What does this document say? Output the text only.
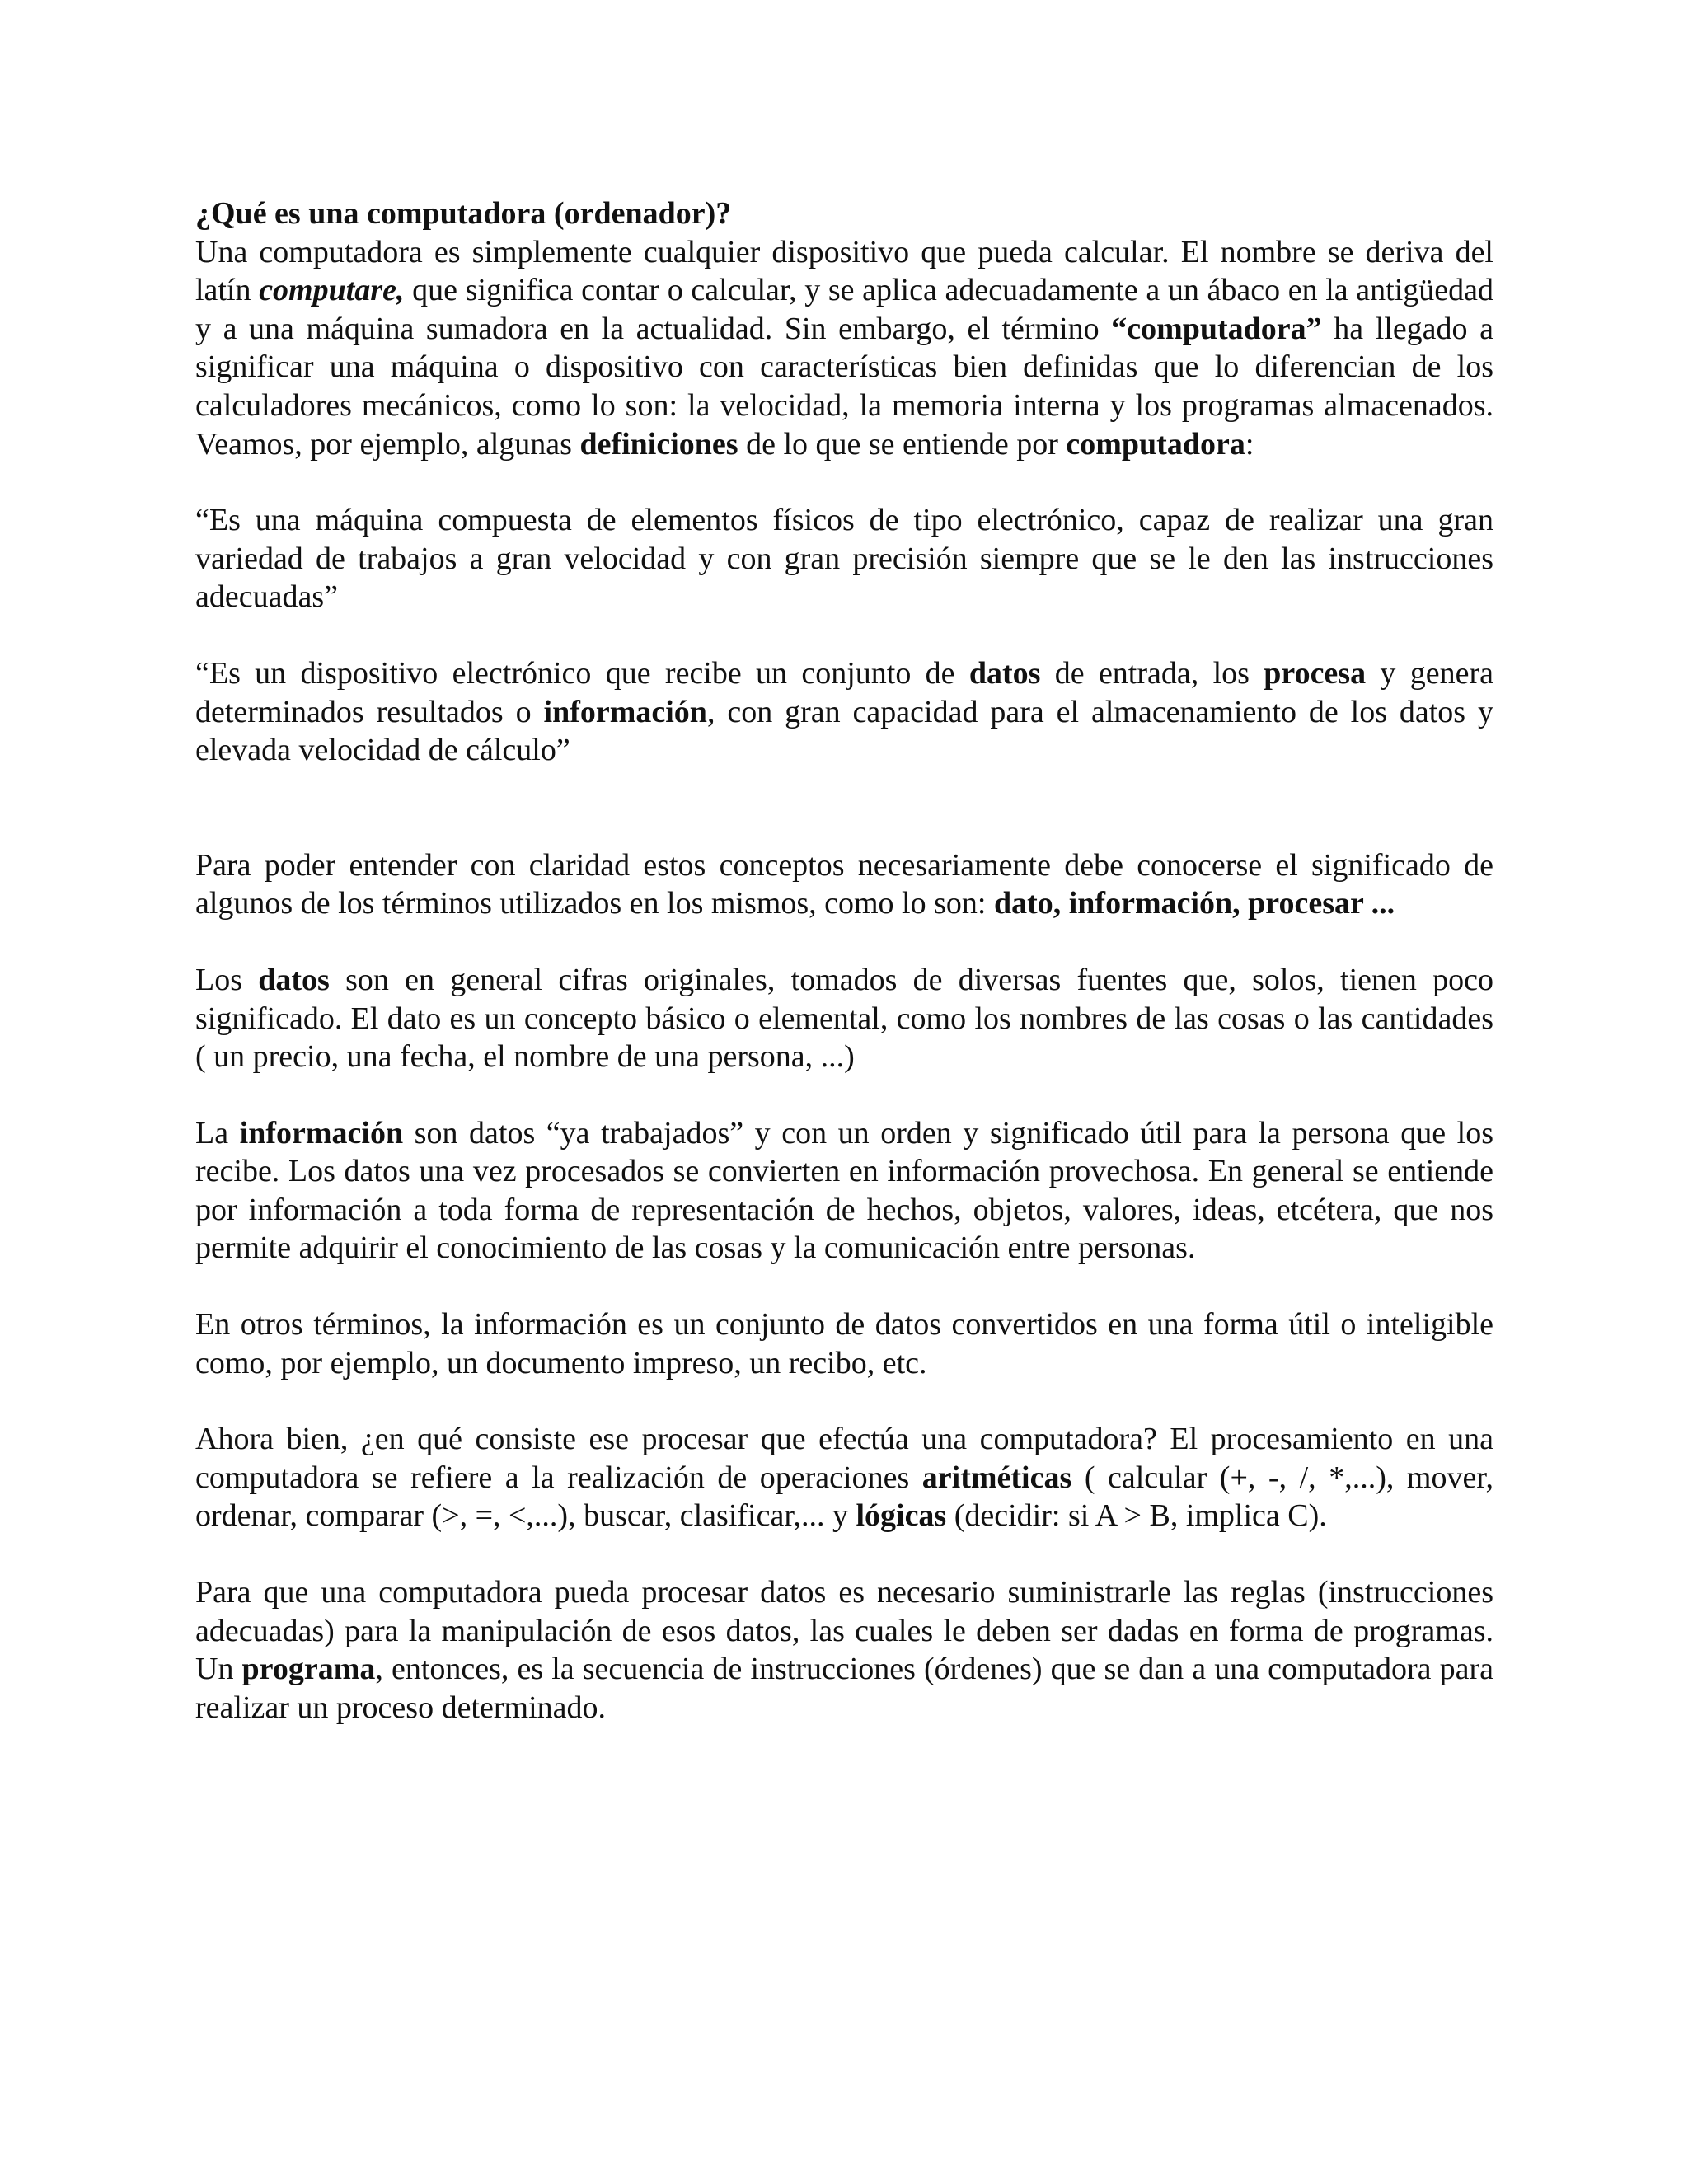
¿Qué es una computadora (ordenador)?

Una computadora es simplemente cualquier dispositivo que pueda calcular. El nombre se deriva del latín computare, que significa contar o calcular, y se aplica adecuadamente a un ábaco en la antigüedad y a una máquina sumadora en la actualidad. Sin embargo, el término “computadora” ha llegado a significar una máquina o dispositivo con características bien definidas que lo diferencian de los calculadores mecánicos, como lo son: la velocidad, la memoria interna y los programas almacenados. Veamos, por ejemplo, algunas definiciones de lo que se entiende por computadora:

“Es una máquina compuesta de elementos físicos de tipo electrónico, capaz de realizar una gran variedad de trabajos a gran velocidad y con gran precisión siempre que se le den las instrucciones adecuadas”

“Es un dispositivo electrónico que recibe un conjunto de datos de entrada, los procesa y genera determinados resultados o información, con gran capacidad para el almacenamiento de los datos y elevada velocidad de cálculo”

Para poder entender con claridad estos conceptos necesariamente debe conocerse el significado de algunos de los términos utilizados en los mismos, como lo son: dato, información, procesar ...

Los datos son en general cifras originales, tomados de diversas fuentes que, solos, tienen poco significado. El dato es un concepto básico o elemental, como los nombres de las cosas o las cantidades ( un precio, una fecha, el nombre de una persona, ...)

La información son datos “ya trabajados” y con un orden y significado útil para la persona que los recibe. Los datos una vez procesados se convierten en información provechosa. En general se entiende por información a toda forma de representación de hechos, objetos, valores, ideas, etcétera, que nos permite adquirir el conocimiento de las cosas y la comunicación entre personas.

En otros términos, la información es un conjunto de datos convertidos en una forma útil o inteligible como, por ejemplo, un documento impreso, un recibo, etc.

Ahora bien, ¿en qué consiste ese procesar que efectúa una computadora? El procesamiento en una computadora se refiere a la realización de operaciones aritméticas ( calcular (+, -, /, *,...), mover, ordenar, comparar (>, =, <,...), buscar, clasificar,... y lógicas (decidir: si A > B, implica C).

Para que una computadora pueda procesar datos es necesario suministrarle las reglas (instrucciones adecuadas) para la manipulación de esos datos, las cuales le deben ser dadas en forma de programas. Un programa, entonces, es la secuencia de instrucciones (órdenes) que se dan a una computadora para realizar un proceso determinado.
